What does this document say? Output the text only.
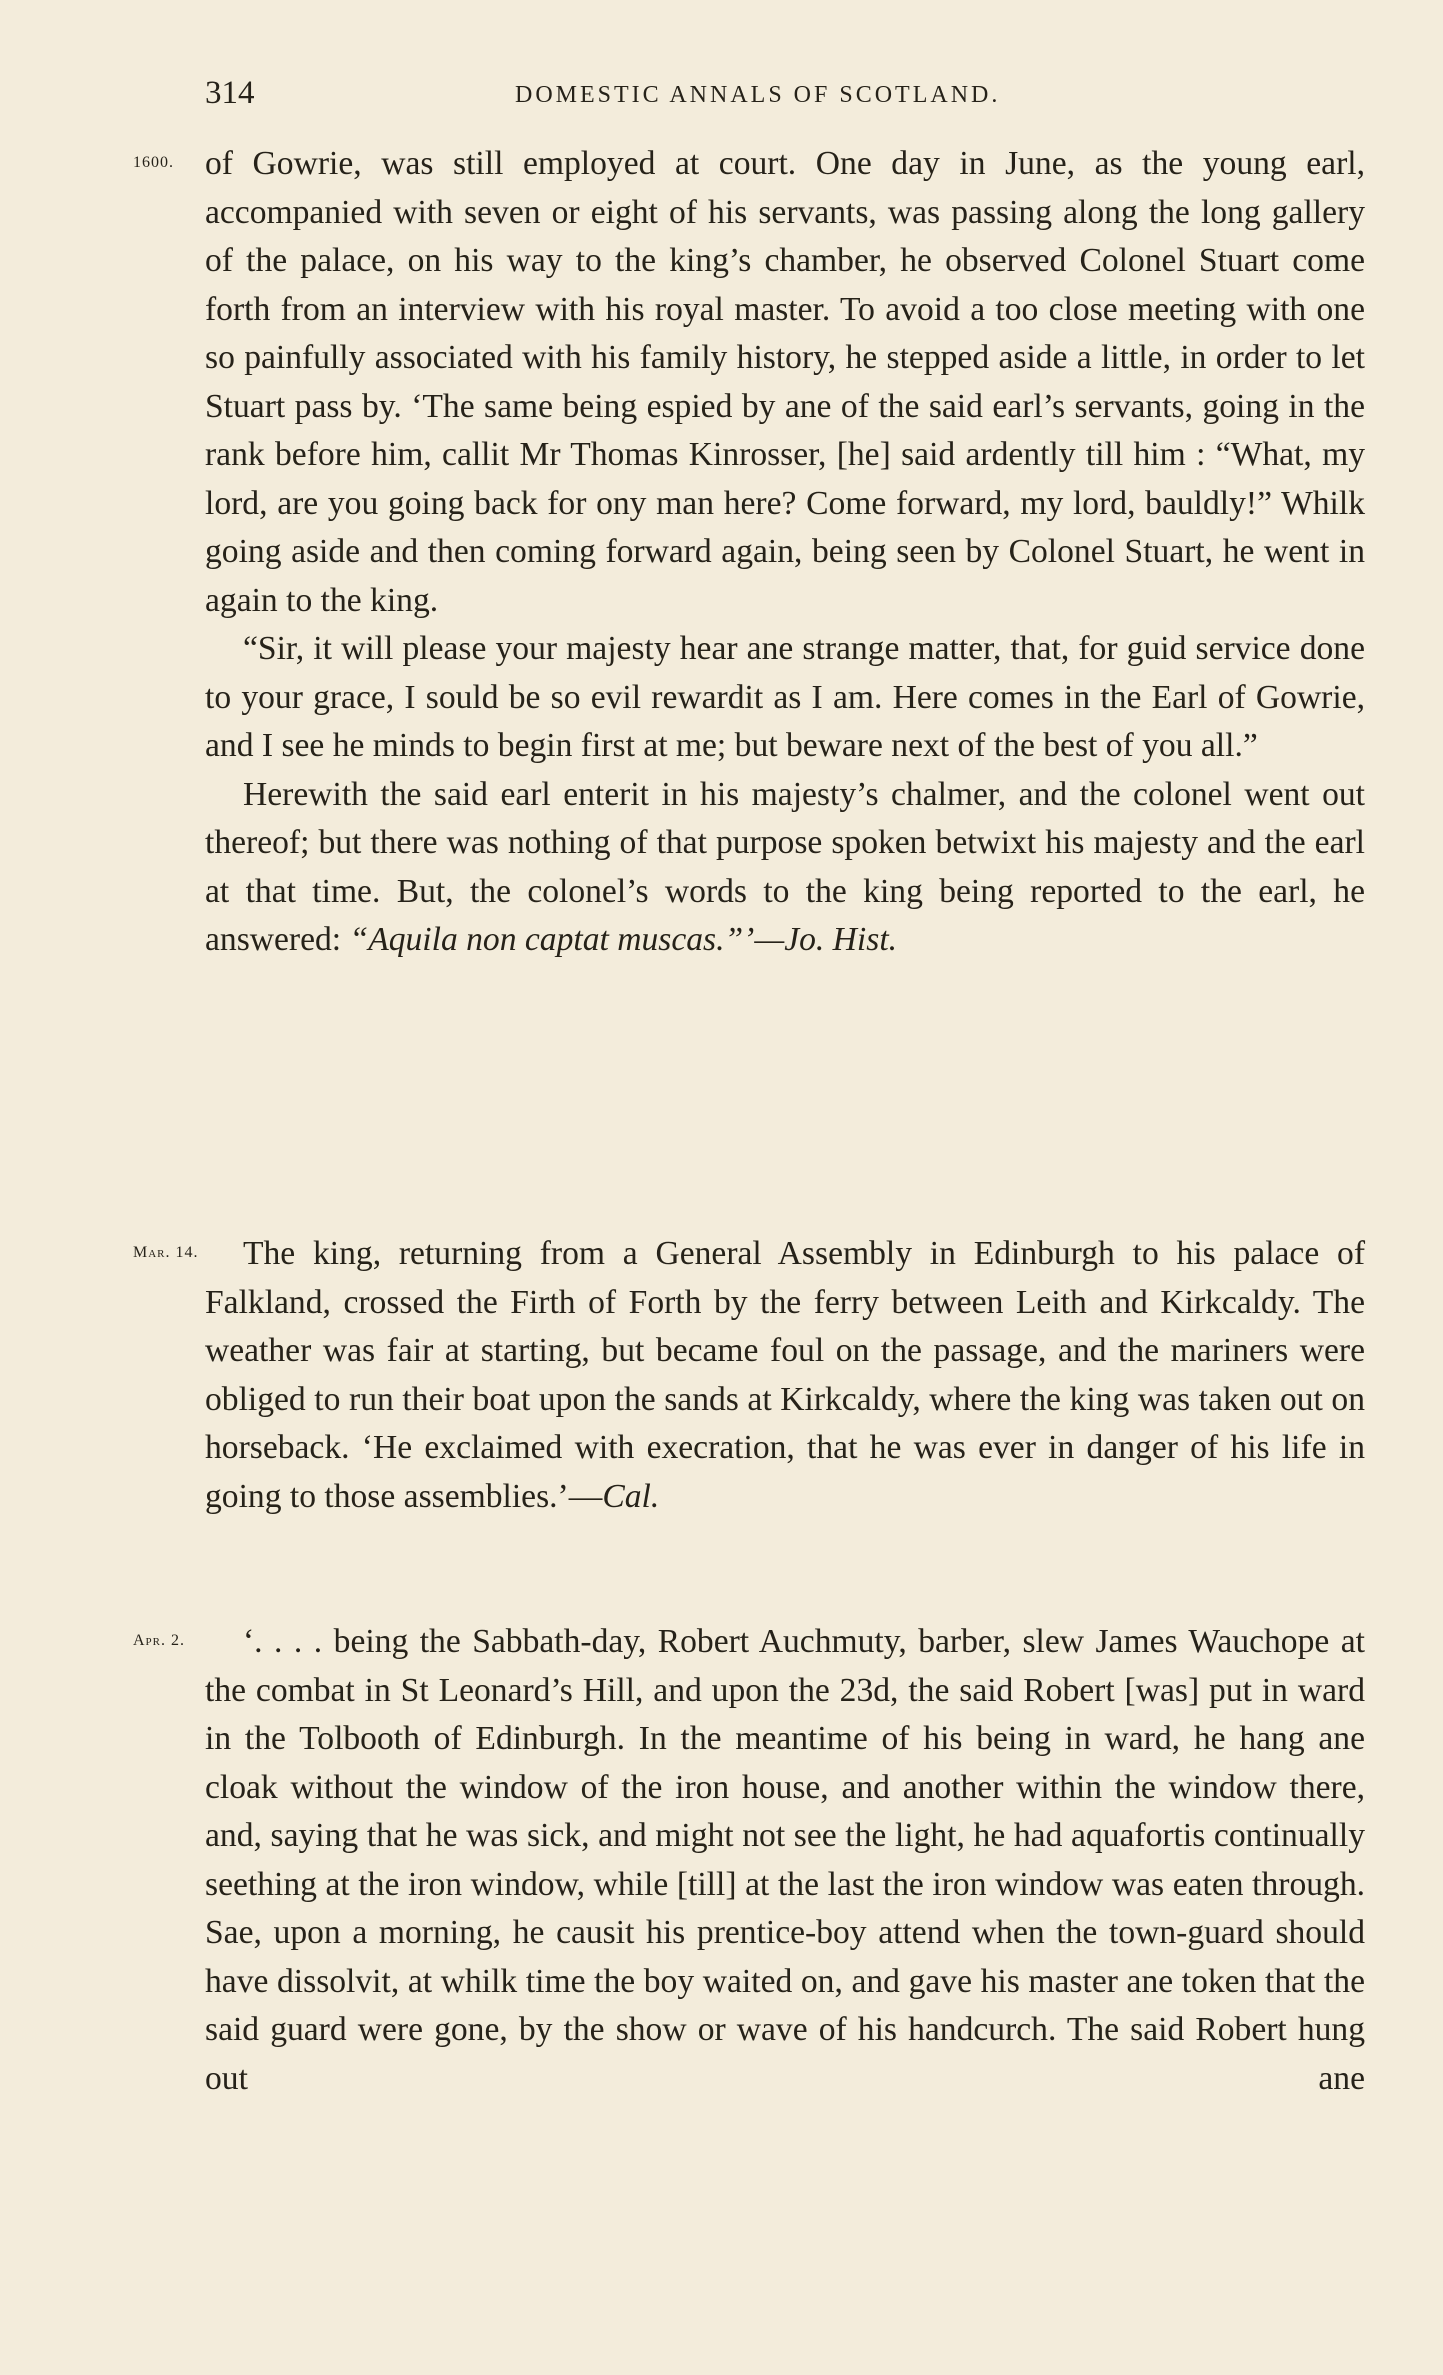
314	DOMESTIC ANNALS OF SCOTLAND.
1600. of Gowrie, was still employed at court. One day in June, as the young earl, accompanied with seven or eight of his servants, was passing along the long gallery of the palace, on his way to the king’s chamber, he observed Colonel Stuart come forth from an interview with his royal master. To avoid a too close meeting with one so painfully associated with his family history, he stepped aside a little, in order to let Stuart pass by. ‘The same being espied by ane of the said earl’s servants, going in the rank before him, callit Mr Thomas Kinrosser, [he] said ardently till him : “What, my lord, are you going back for ony man here? Come forward, my lord, bauldly!” Whilk going aside and then coming forward again, being seen by Colonel Stuart, he went in again to the king.

“Sir, it will please your majesty hear ane strange matter, that, for guid service done to your grace, I sould be so evil rewardit as I am. Here comes in the Earl of Gowrie, and I see he minds to begin first at me; but beware next of the best of you all.”

Herewith the said earl enterit in his majesty’s chalmer, and the colonel went out thereof; but there was nothing of that purpose spoken betwixt his majesty and the earl at that time. But, the colonel’s words to the king being reported to the earl, he answered: “Aquila non captat muscas.”’—Jo. Hist.

Mar. 14.	The king, returning from a General Assembly in Edinburgh to his palace of Falkland, crossed the Firth of Forth by the ferry between Leith and Kirkcaldy. The weather was fair at starting, but became foul on the passage, and the mariners were obliged to run their boat upon the sands at Kirkcaldy, where the king was taken out on horseback. ‘He exclaimed with execration, that he was ever in danger of his life in going to those assemblies.’—Cal.

Apr. 2.	‘. . . . being the Sabbath-day, Robert Auchmuty, barber, slew James Wauchope at the combat in St Leonard’s Hill, and upon the 23d, the said Robert [was] put in ward in the Tolbooth of Edinburgh. In the meantime of his being in ward, he hang ane cloak without the window of the iron house, and another within the window there, and, saying that he was sick, and might not see the light, he had aquafortis continually seething at the iron window, while [till] at the last the iron window was eaten through. Sae, upon a morning, he causit his prentice-boy attend when the town-guard should have dissolvit, at whilk time the boy waited on, and gave his master ane token that the said guard were gone, by the show or wave of his handcurch. The said Robert hung out ane
